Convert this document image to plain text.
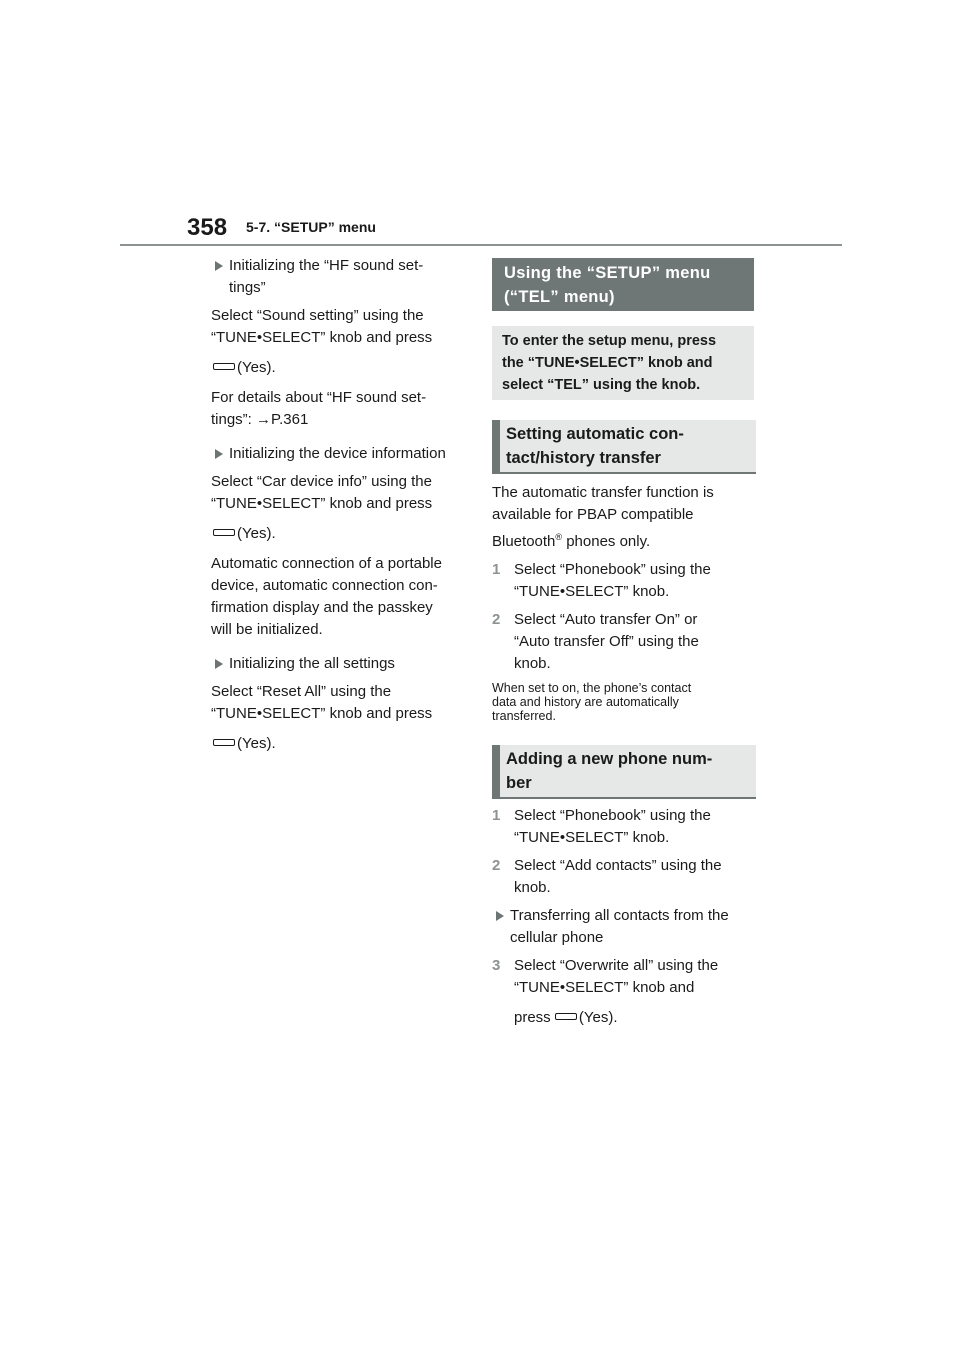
358 5-7. “SETUP” menu
Initializing the “HF sound set-
tings”

Select “Sound setting” using the

“TUNE•SELECT” knob and press

(Yes).

For details about “HF sound set-

tings”: →P.361

Initializing the device information

Select “Car device info” using the

“TUNE•SELECT” knob and press

(Yes).

Automatic connection of a portable

device, automatic connection con-

firmation display and the passkey

will be initialized.

Initializing the all settings

Select “Reset All” using the

“TUNE•SELECT” knob and press

(Yes).
Using the “SETUP” menu
(“TEL” menu)
To enter the setup menu, press
the “TUNE•SELECT” knob and
select “TEL” using the knob.
Setting automatic con-
tact/history transfer

The automatic transfer function is

available for PBAP compatible

Bluetooth® phones only.

1 Select “Phonebook” using the
“TUNE•SELECT” knob.
2 Select “Auto transfer On” or
“Auto transfer Off” using the
knob.
When set to on, the phone’s contact
data and history are automatically
transferred.
Adding a new phone num-
ber
1 Select “Phonebook” using the
“TUNE•SELECT” knob.
2 Select “Add contacts” using the
knob.
Transferring all contacts from the
cellular phone
3 Select “Overwrite all” using the
“TUNE•SELECT” knob and
press (Yes).
